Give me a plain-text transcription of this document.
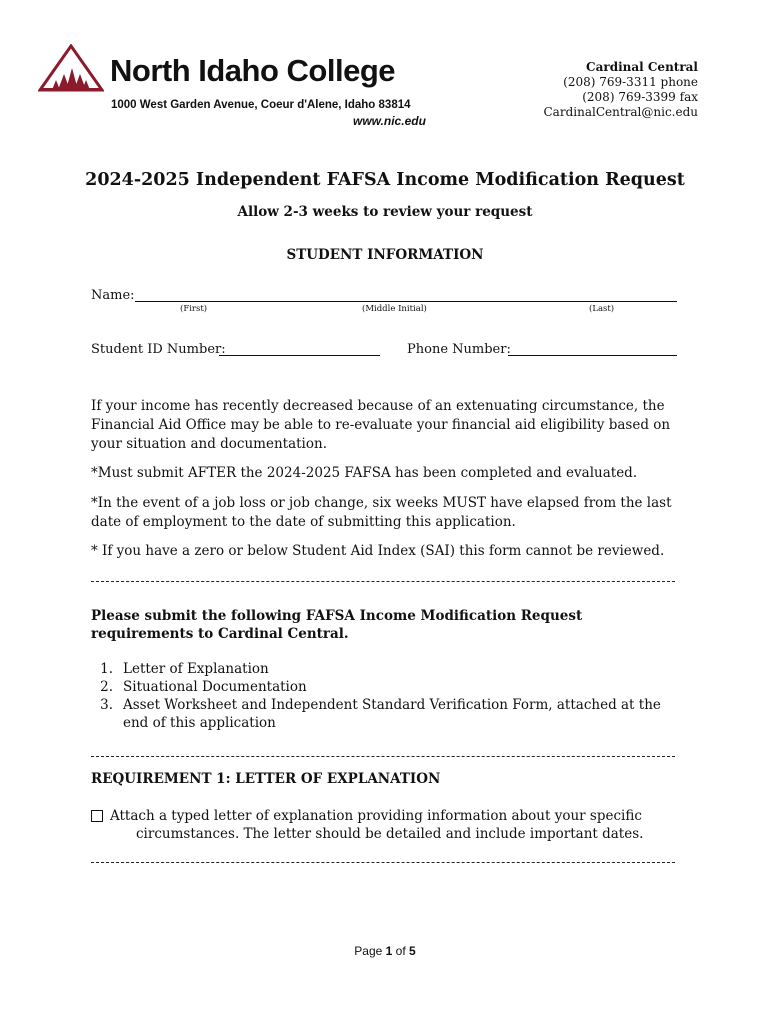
North Idaho College
1000 West Garden Avenue, Coeur d'Alene, Idaho 83814
www.nic.edu
Cardinal Central
(208) 769-3311 phone
(208) 769-3399 fax
CardinalCentral@nic.edu
2024-2025 Independent FAFSA Income Modification Request
Allow 2-3 weeks to review your request
STUDENT INFORMATION
Name:
(First)	(Middle Initial)	(Last)
Student ID Number:	Phone Number:
If your income has recently decreased because of an extenuating circumstance, the Financial Aid Office may be able to re-evaluate your financial aid eligibility based on your situation and documentation.
*Must submit AFTER the 2024-2025 FAFSA has been completed and evaluated.
*In the event of a job loss or job change, six weeks MUST have elapsed from the last date of employment to the date of submitting this application.
* If you have a zero or below Student Aid Index (SAI) this form cannot be reviewed.
Please submit the following FAFSA Income Modification Request requirements to Cardinal Central.
1. Letter of Explanation
2. Situational Documentation
3. Asset Worksheet and Independent Standard Verification Form, attached at the end of this application
REQUIREMENT 1: LETTER OF EXPLANATION
Attach a typed letter of explanation providing information about your specific
circumstances. The letter should be detailed and include important dates.
Page 1 of 5
